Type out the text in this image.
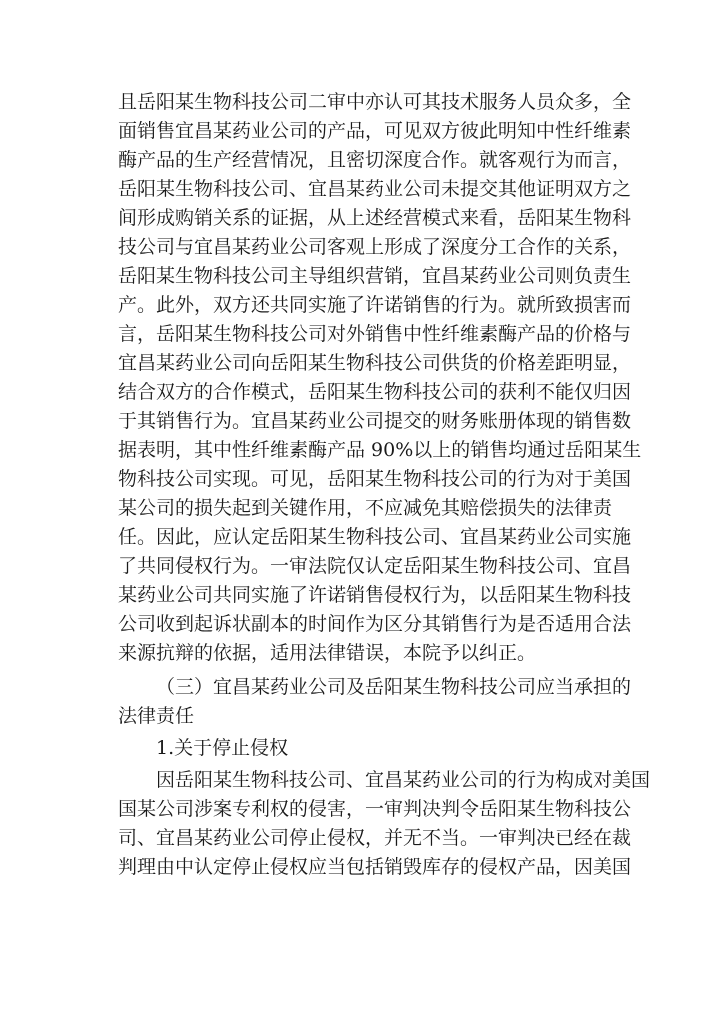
且岳阳某生物科技公司二审中亦认可其技术服务人员众多，全
面销售宜昌某药业公司的产品，可见双方彼此明知中性纤维素
酶产品的生产经营情况，且密切深度合作。就客观行为而言，
岳阳某生物科技公司、宜昌某药业公司未提交其他证明双方之
间形成购销关系的证据，从上述经营模式来看，岳阳某生物科
技公司与宜昌某药业公司客观上形成了深度分工合作的关系，
岳阳某生物科技公司主导组织营销，宜昌某药业公司则负责生
产。此外，双方还共同实施了许诺销售的行为。就所致损害而
言，岳阳某生物科技公司对外销售中性纤维素酶产品的价格与
宜昌某药业公司向岳阳某生物科技公司供货的价格差距明显，
结合双方的合作模式，岳阳某生物科技公司的获利不能仅归因
于其销售行为。宜昌某药业公司提交的财务账册体现的销售数
据表明，其中性纤维素酶产品 90%以上的销售均通过岳阳某生
物科技公司实现。可见，岳阳某生物科技公司的行为对于美国
某公司的损失起到关键作用，不应减免其赔偿损失的法律责
任。因此，应认定岳阳某生物科技公司、宜昌某药业公司实施
了共同侵权行为。一审法院仅认定岳阳某生物科技公司、宜昌
某药业公司共同实施了许诺销售侵权行为，以岳阳某生物科技
公司收到起诉状副本的时间作为区分其销售行为是否适用合法
来源抗辩的依据，适用法律错误，本院予以纠正。
（三）宜昌某药业公司及岳阳某生物科技公司应当承担的
法律责任
1.关于停止侵权
因岳阳某生物科技公司、宜昌某药业公司的行为构成对美国
国某公司涉案专利权的侵害，一审判决判令岳阳某生物科技公
司、宜昌某药业公司停止侵权，并无不当。一审判决已经在裁
判理由中认定停止侵权应当包括销毁库存的侵权产品，因美国
